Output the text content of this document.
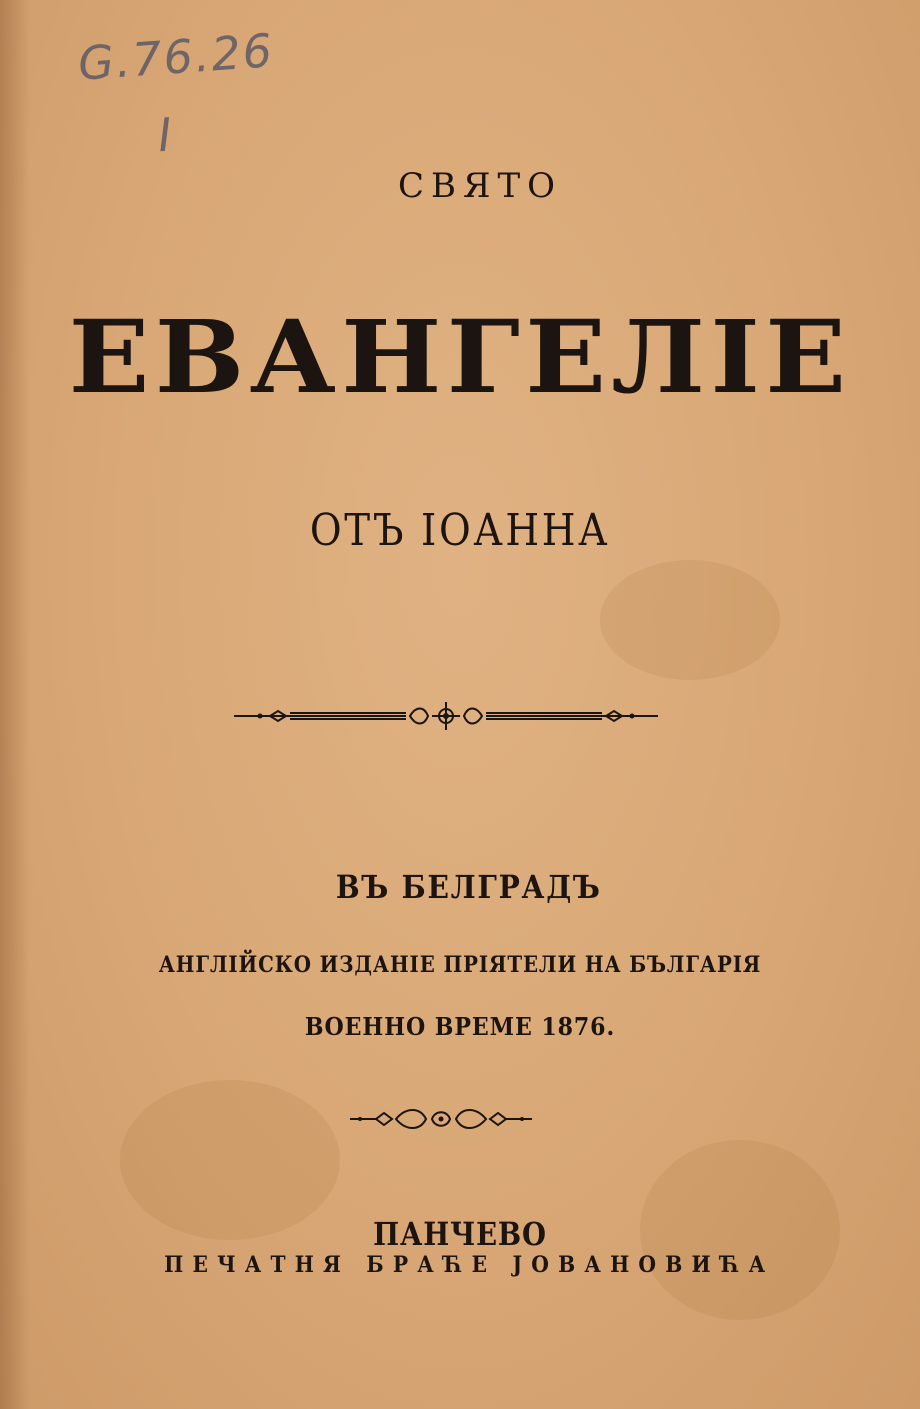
G.76.26
I
СВЯТО
ЕВАНГЕЛІЕ
ОТЪ ІОАННА
ВЪ БЕЛГРАДЪ
АНГЛІЙСКО ИЗДАНІЕ ПРІЯТЕЛИ НА БЪЛГАРІЯ
ВОЕННО ВРЕМЕ 1876.
ПАНЧЕВО
ПЕЧАТНЯ БРАЋЕ ЈОВАНОВИЋА
